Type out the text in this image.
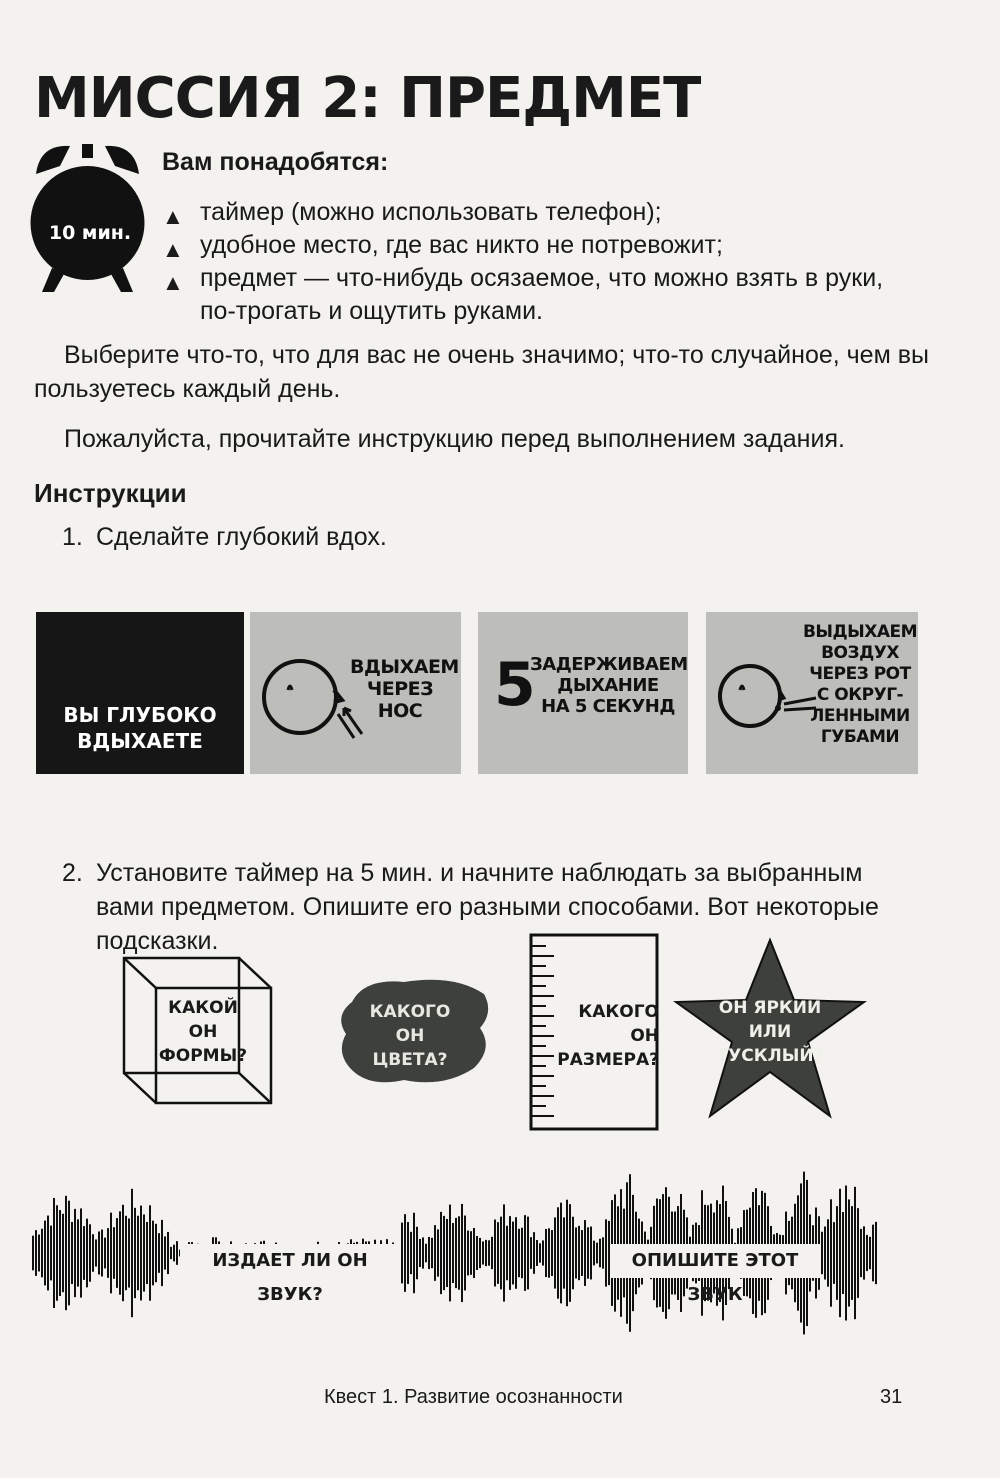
МИССИЯ 2: ПРЕДМЕТ
10 мин.
Вам понадобятся:
▲ таймер (можно использовать телефон);
▲ удобное место, где вас никто не потревожит;
▲ предмет — что-нибудь осязаемое, что можно взять в руки, по-трогать и ощутить руками.
Выберите что-то, что для вас не очень значимо; что-то случайное, чем вы пользуетесь каждый день.
Пожалуйста, прочитайте инструкцию перед выполнением задания.
Инструкции
1. Сделайте глубокий вдох.
ВЫ ГЛУБОКО
ВДЫХАЕТЕ
ВДЫХАЕМ
ЧЕРЕЗ
НОС	5
ЗАДЕРЖИВАЕМ
ДЫХАНИЕ
НА 5 СЕКУНД
ВЫДЫХАЕМ
ВОЗДУХ
ЧЕРЕЗ РОТ
С ОКРУГ-
ЛЕННЫМИ
ГУБАМИ
2. Установите таймер на 5 мин. и начните наблюдать за выбранным вами предметом. Опишите его разными способами. Вот некоторые подсказки.
КАКОЙ
ОН
ФОРМЫ?
КАКОГО
ОН
ЦВЕТА?
КАКОГО
ОН
РАЗМЕРА?
ОН ЯРКИЙ
ИЛИ
ТУСКЛЫЙ?
ИЗДАЕТ ЛИ ОН ЗВУК?
ОПИШИТЕ ЭТОТ ЗВУК
Квест 1. Развитие осознанности	31
